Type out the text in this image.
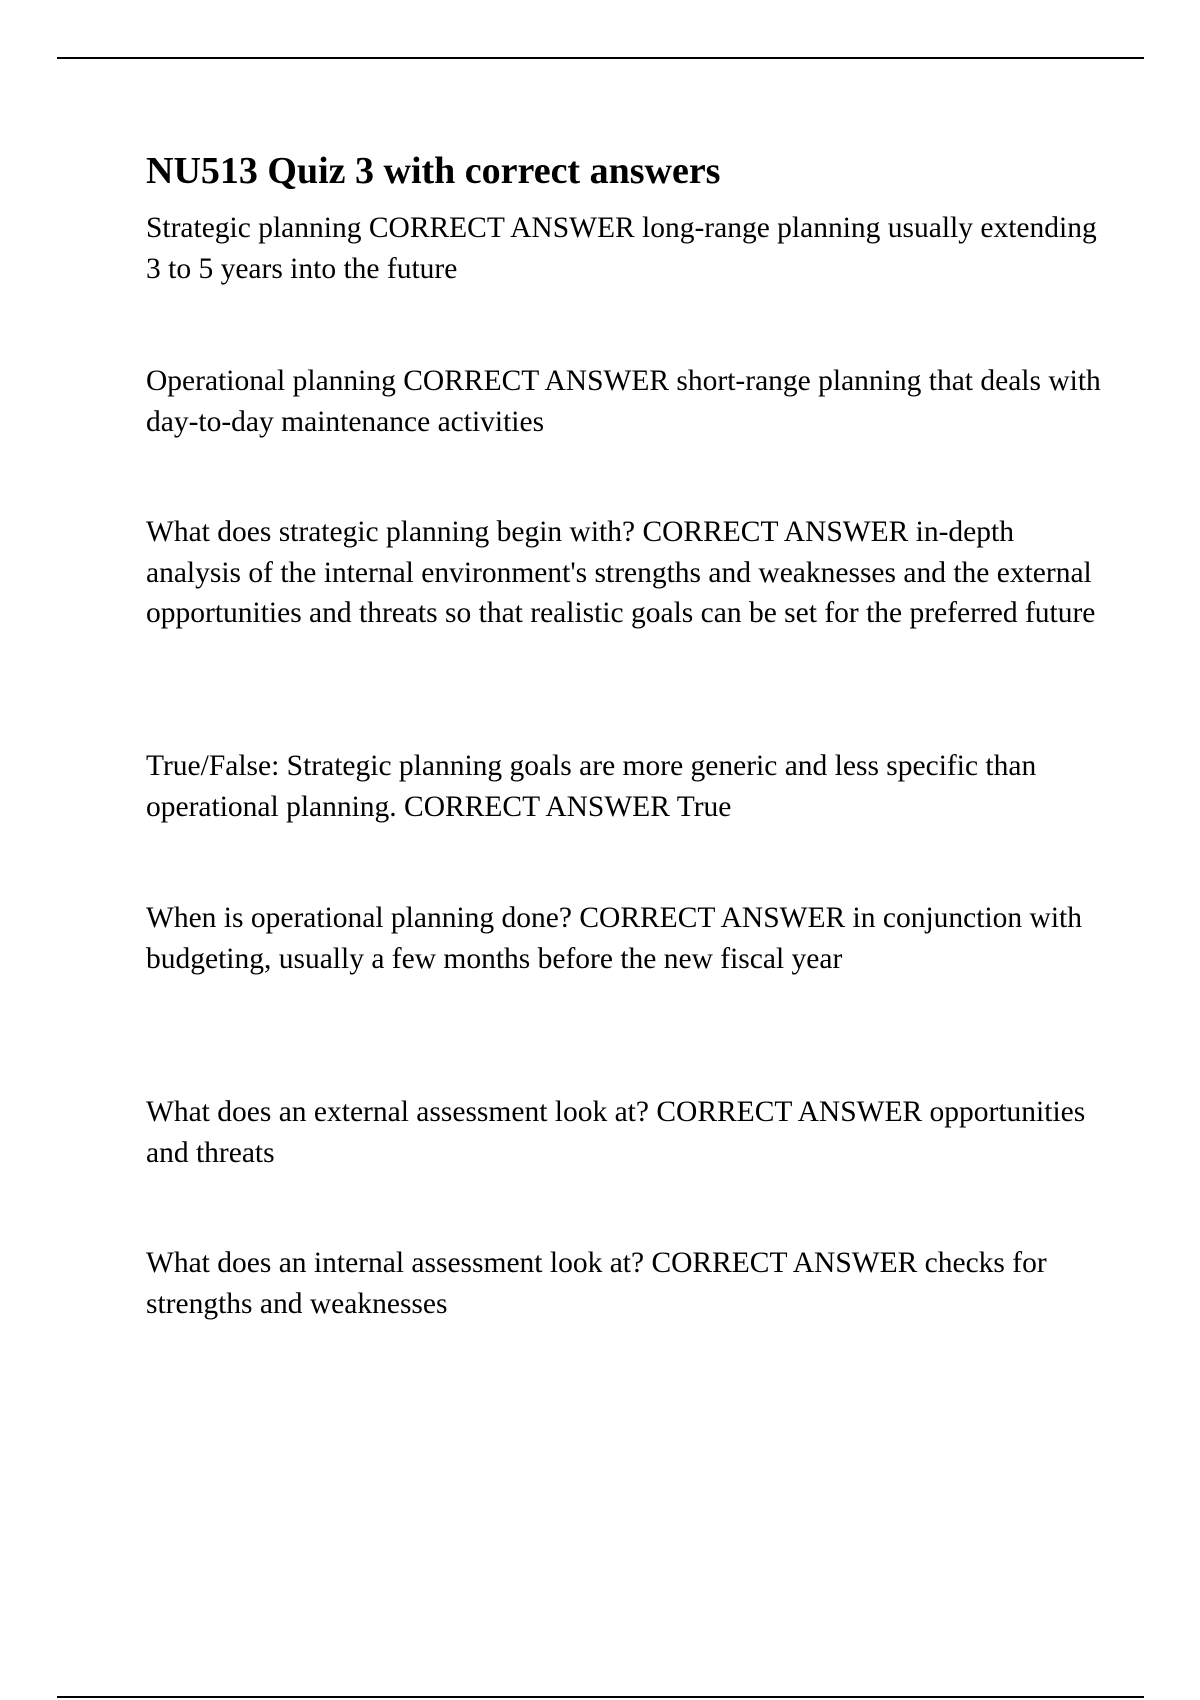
NU513 Quiz 3 with correct answers
Strategic planning CORRECT ANSWER long-range planning usually extending 3 to 5 years into the future
Operational planning CORRECT ANSWER short-range planning that deals with day-to-day maintenance activities
What does strategic planning begin with? CORRECT ANSWER in-depth analysis of the internal environment's strengths and weaknesses and the external opportunities and threats so that realistic goals can be set for the preferred future
True/False: Strategic planning goals are more generic and less specific than operational planning. CORRECT ANSWER True
When is operational planning done? CORRECT ANSWER in conjunction with budgeting, usually a few months before the new fiscal year
What does an external assessment look at? CORRECT ANSWER opportunities and threats
What does an internal assessment look at? CORRECT ANSWER checks for strengths and weaknesses
